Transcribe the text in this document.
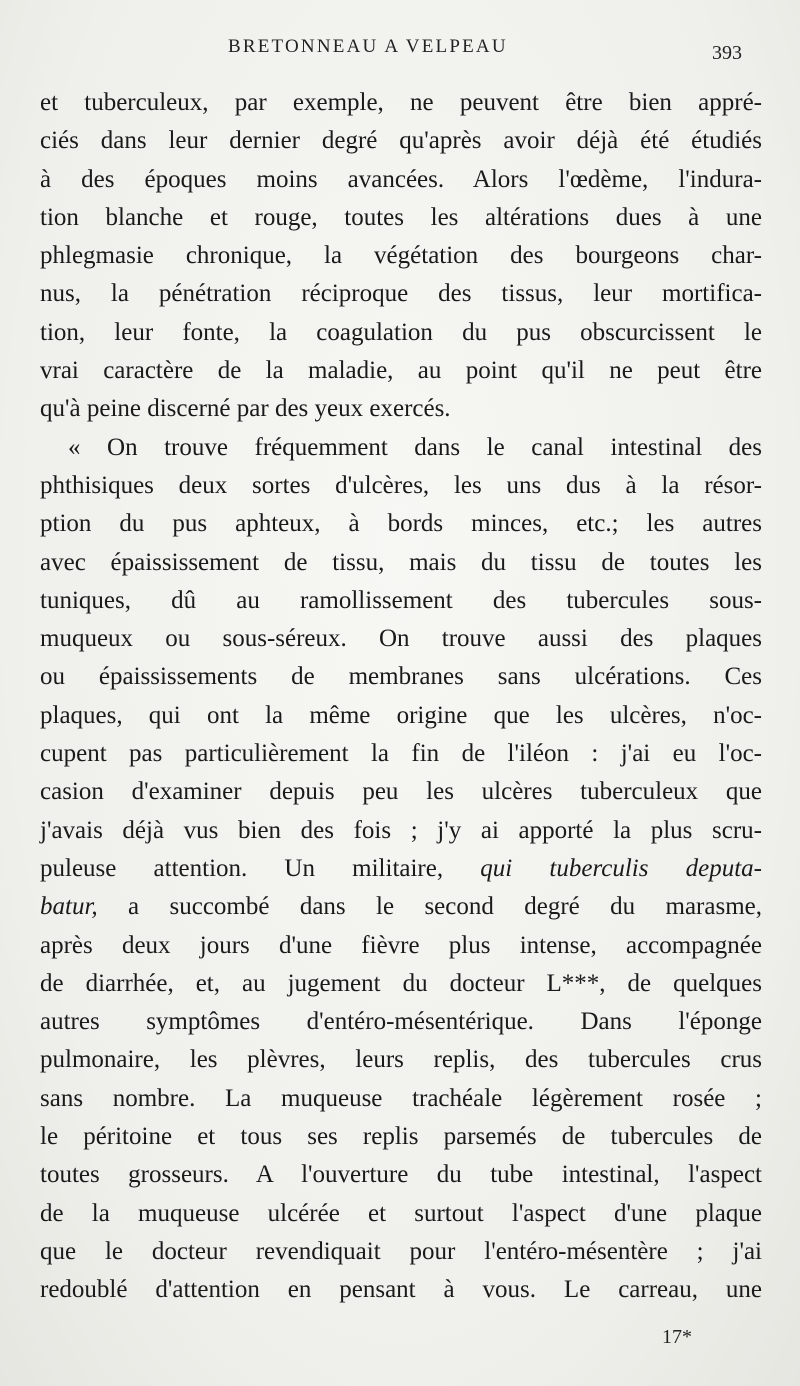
BRETONNEAU A VELPEAU	393
et tuberculeux, par exemple, ne peuvent être bien appré-
ciés dans leur dernier degré qu'après avoir déjà été étudiés
à des époques moins avancées. Alors l'œdème, l'indura-
tion blanche et rouge, toutes les altérations dues à une
phlegmasie chronique, la végétation des bourgeons char-
nus, la pénétration réciproque des tissus, leur mortifica-
tion, leur fonte, la coagulation du pus obscurcissent le
vrai caractère de la maladie, au point qu'il ne peut être
qu'à peine discerné par des yeux exercés.
« On trouve fréquemment dans le canal intestinal des
phthisiques deux sortes d'ulcères, les uns dus à la résor-
ption du pus aphteux, à bords minces, etc.; les autres
avec épaississement de tissu, mais du tissu de toutes les
tuniques, dû au ramollissement des tubercules sous-
muqueux ou sous-séreux. On trouve aussi des plaques
ou épaississements de membranes sans ulcérations. Ces
plaques, qui ont la même origine que les ulcères, n'oc-
cupent pas particulièrement la fin de l'iléon : j'ai eu l'oc-
casion d'examiner depuis peu les ulcères tuberculeux que
j'avais déjà vus bien des fois ; j'y ai apporté la plus scru-
puleuse attention. Un militaire, qui tuberculis deputa-
batur, a succombé dans le second degré du marasme,
après deux jours d'une fièvre plus intense, accompagnée
de diarrhée, et, au jugement du docteur L***, de quelques
autres symptômes d'entéro-mésentérique. Dans l'éponge
pulmonaire, les plèvres, leurs replis, des tubercules crus
sans nombre. La muqueuse trachéale légèrement rosée ;
le péritoine et tous ses replis parsemés de tubercules de
toutes grosseurs. A l'ouverture du tube intestinal, l'aspect
de la muqueuse ulcérée et surtout l'aspect d'une plaque
que le docteur revendiquait pour l'entéro-mésentère ; j'ai
redoublé d'attention en pensant à vous. Le carreau, une
17*
